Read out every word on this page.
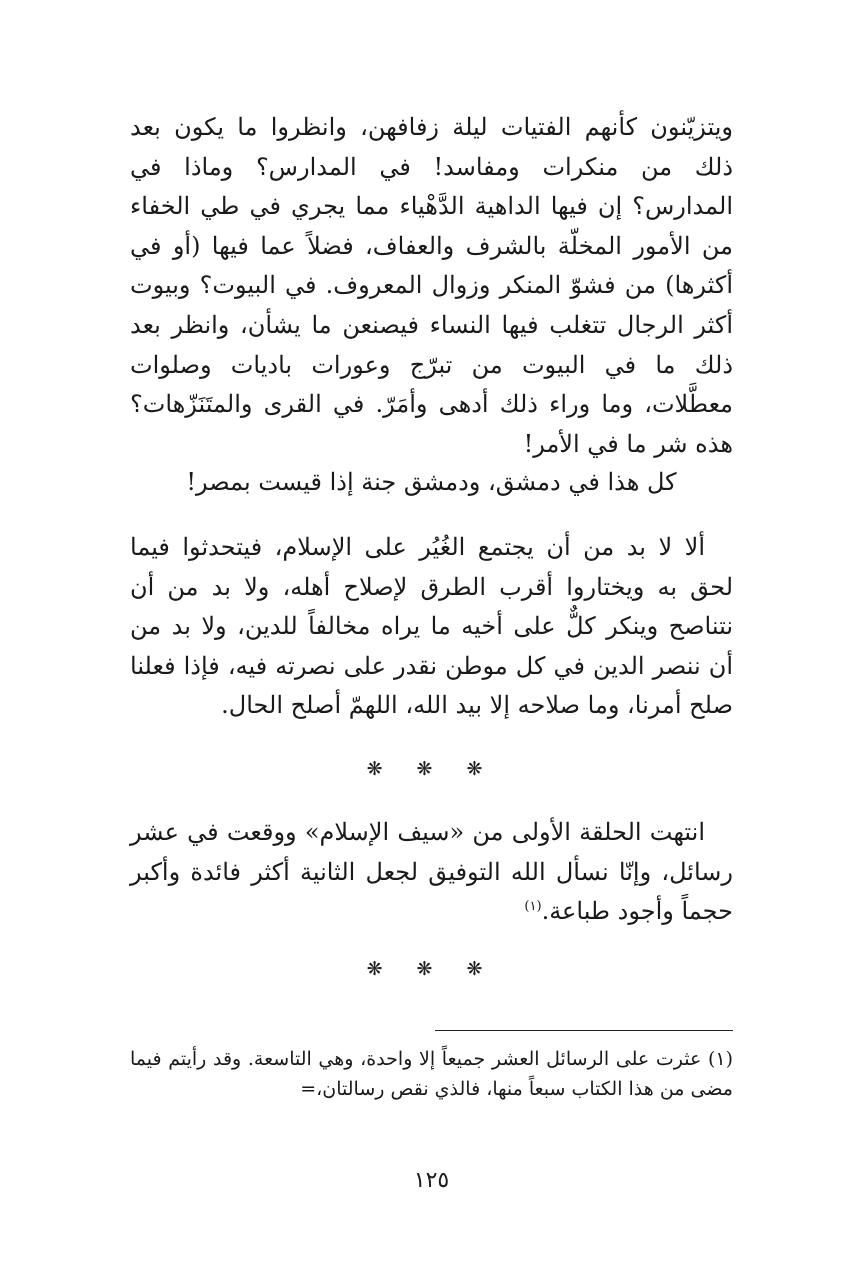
ويتزيّنون كأنهم الفتيات ليلة زفافهن، وانظروا ما يكون بعد ذلك من منكرات ومفاسد! في المدارس؟ وماذا في المدارس؟ إن فيها الداهية الدَّهْياء مما يجري في طي الخفاء من الأمور المخلّة بالشرف والعفاف، فضلاً عما فيها (أو في أكثرها) من فشوّ المنكر وزوال المعروف. في البيوت؟ وبيوت أكثر الرجال تتغلب فيها النساء فيصنعن ما يشأن، وانظر بعد ذلك ما في البيوت من تبرّج وعورات باديات وصلوات معطَّلات، وما وراء ذلك أدهى وأمَرّ. في القرى والمتَنَزّهات؟ هذه شر ما في الأمر!

كل هذا في دمشق، ودمشق جنة إذا قيست بمصر!

ألا لا بد من أن يجتمع الغُيُر على الإسلام، فيتحدثوا فيما لحق به ويختاروا أقرب الطرق لإصلاح أهله، ولا بد من أن نتناصح وينكر كلٌّ على أخيه ما يراه مخالفاً للدين، ولا بد من أن ننصر الدين في كل موطن نقدر على نصرته فيه، فإذا فعلنا صلح أمرنا، وما صلاحه إلا بيد الله، اللهمّ أصلح الحال.

❋ ❋ ❋

انتهت الحلقة الأولى من «سيف الإسلام» ووقعت في عشر رسائل، وإنّا نسأل الله التوفيق لجعل الثانية أكثر فائدة وأكبر حجماً وأجود طباعة.$^{(١)}$

❋ ❋ ❋

(١) عثرت على الرسائل العشر جميعاً إلا واحدة، وهي التاسعة. وقد رأيتم فيما مضى من هذا الكتاب سبعاً منها، فالذي نقص رسالتان،=

١٢٥
